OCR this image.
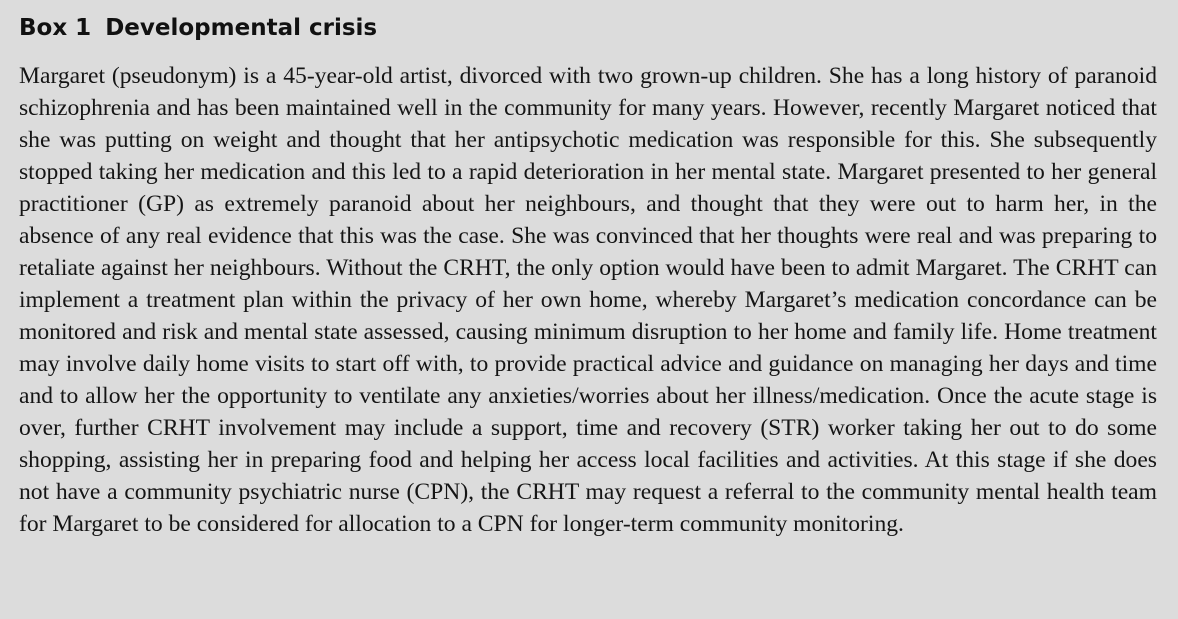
Box 1 Developmental crisis

Margaret (pseudonym) is a 45-year-old artist, divorced with two grown-up children. She has a long history of paranoid schizophrenia and has been maintained well in the community for many years. However, recently Margaret noticed that she was putting on weight and thought that her antipsychotic medication was responsible for this. She subsequently stopped taking her medication and this led to a rapid deterioration in her mental state. Margaret presented to her general practitioner (GP) as extremely paranoid about her neighbours, and thought that they were out to harm her, in the absence of any real evidence that this was the case. She was convinced that her thoughts were real and was preparing to retaliate against her neighbours. Without the CRHT, the only option would have been to admit Margaret. The CRHT can implement a treatment plan within the privacy of her own home, whereby Margaret’s medication concordance can be monitored and risk and mental state assessed, causing minimum disruption to her home and family life. Home treatment may involve daily home visits to start off with, to provide practical advice and guidance on managing her days and time and to allow her the opportunity to ventilate any anxieties/worries about her illness/medication. Once the acute stage is over, further CRHT involvement may include a support, time and recovery (STR) worker taking her out to do some shopping, assisting her in preparing food and helping her access local facilities and activities. At this stage if she does not have a community psychiatric nurse (CPN), the CRHT may request a referral to the community mental health team for Margaret to be considered for allocation to a CPN for longer-term community monitoring.
